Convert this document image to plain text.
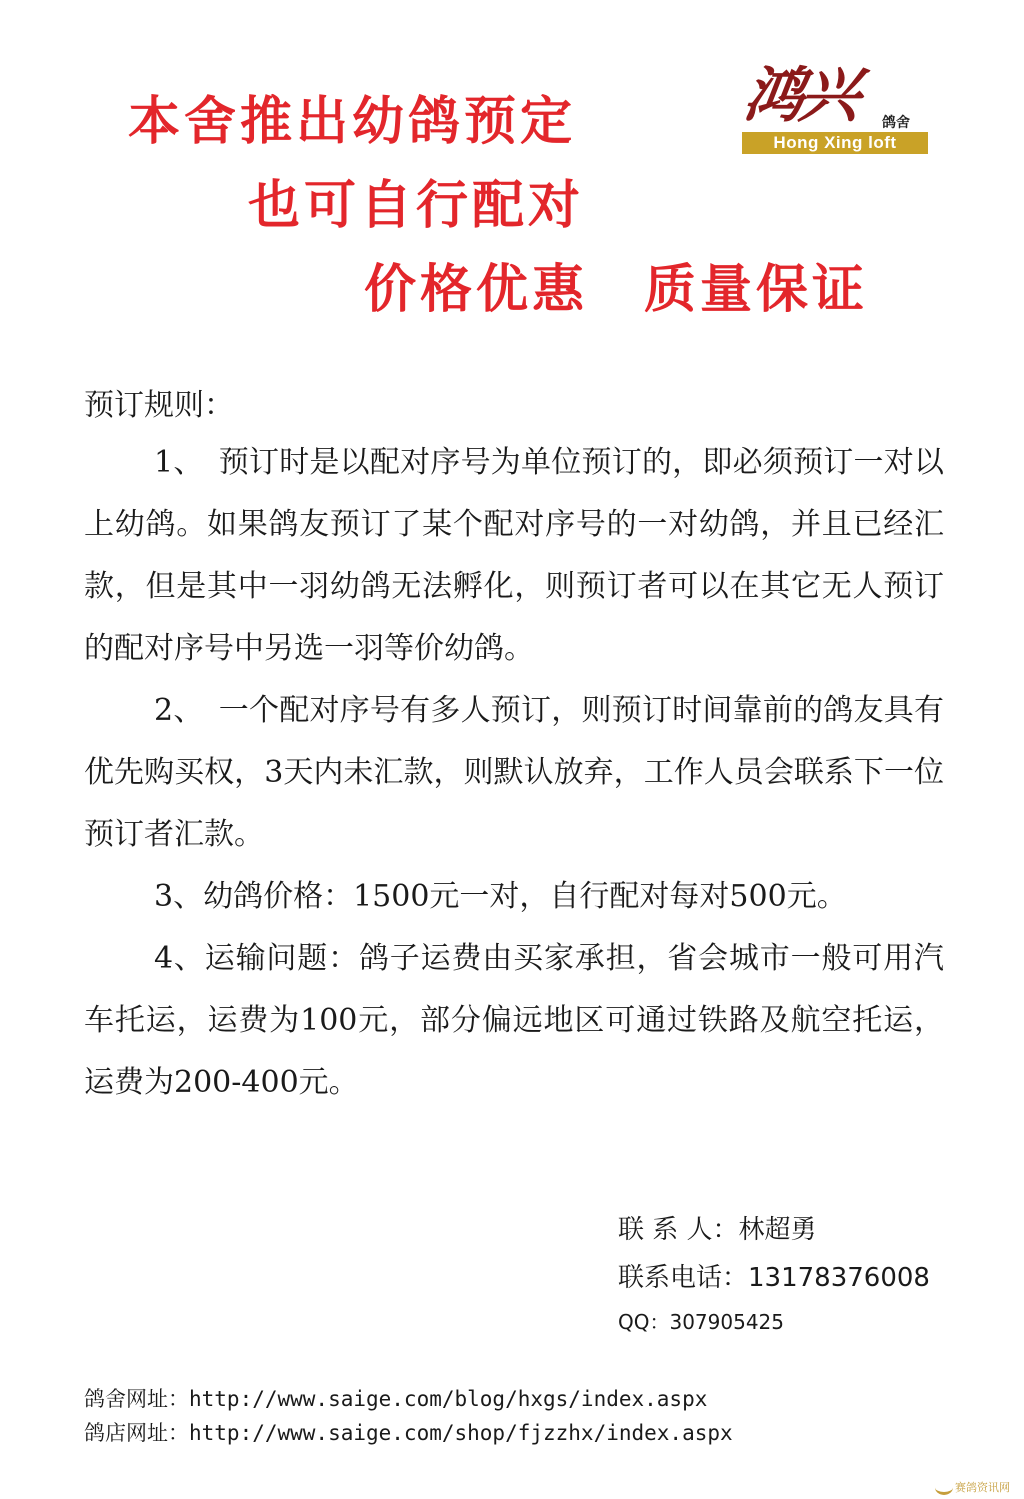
本舍推出幼鸽预定
也可自行配对
价格优惠　质量保证
鸿兴 鸽舍
Hong Xing loft
预订规则：

1、　预订时是以配对序号为单位预订的，即必须预订一对以上幼鸽。如果鸽友预订了某个配对序号的一对幼鸽，并且已经汇款，但是其中一羽幼鸽无法孵化，则预订者可以在其它无人预订的配对序号中另选一羽等价幼鸽。

2、　一个配对序号有多人预订，则预订时间靠前的鸽友具有优先购买权，3天内未汇款，则默认放弃，工作人员会联系下一位预订者汇款。

3、幼鸽价格：1500元一对，自行配对每对500元。

4、运输问题：鸽子运费由买家承担，省会城市一般可用汽车托运，运费为100元，部分偏远地区可通过铁路及航空托运，运费为200-400元。

联 系 人：林超勇
联系电话：13178376008
QQ：307905425
鸽舍网址：http://www.saige.com/blog/hxgs/index.aspx
鸽店网址：http://www.saige.com/shop/fjzzhx/index.aspx
赛鸽资讯网
